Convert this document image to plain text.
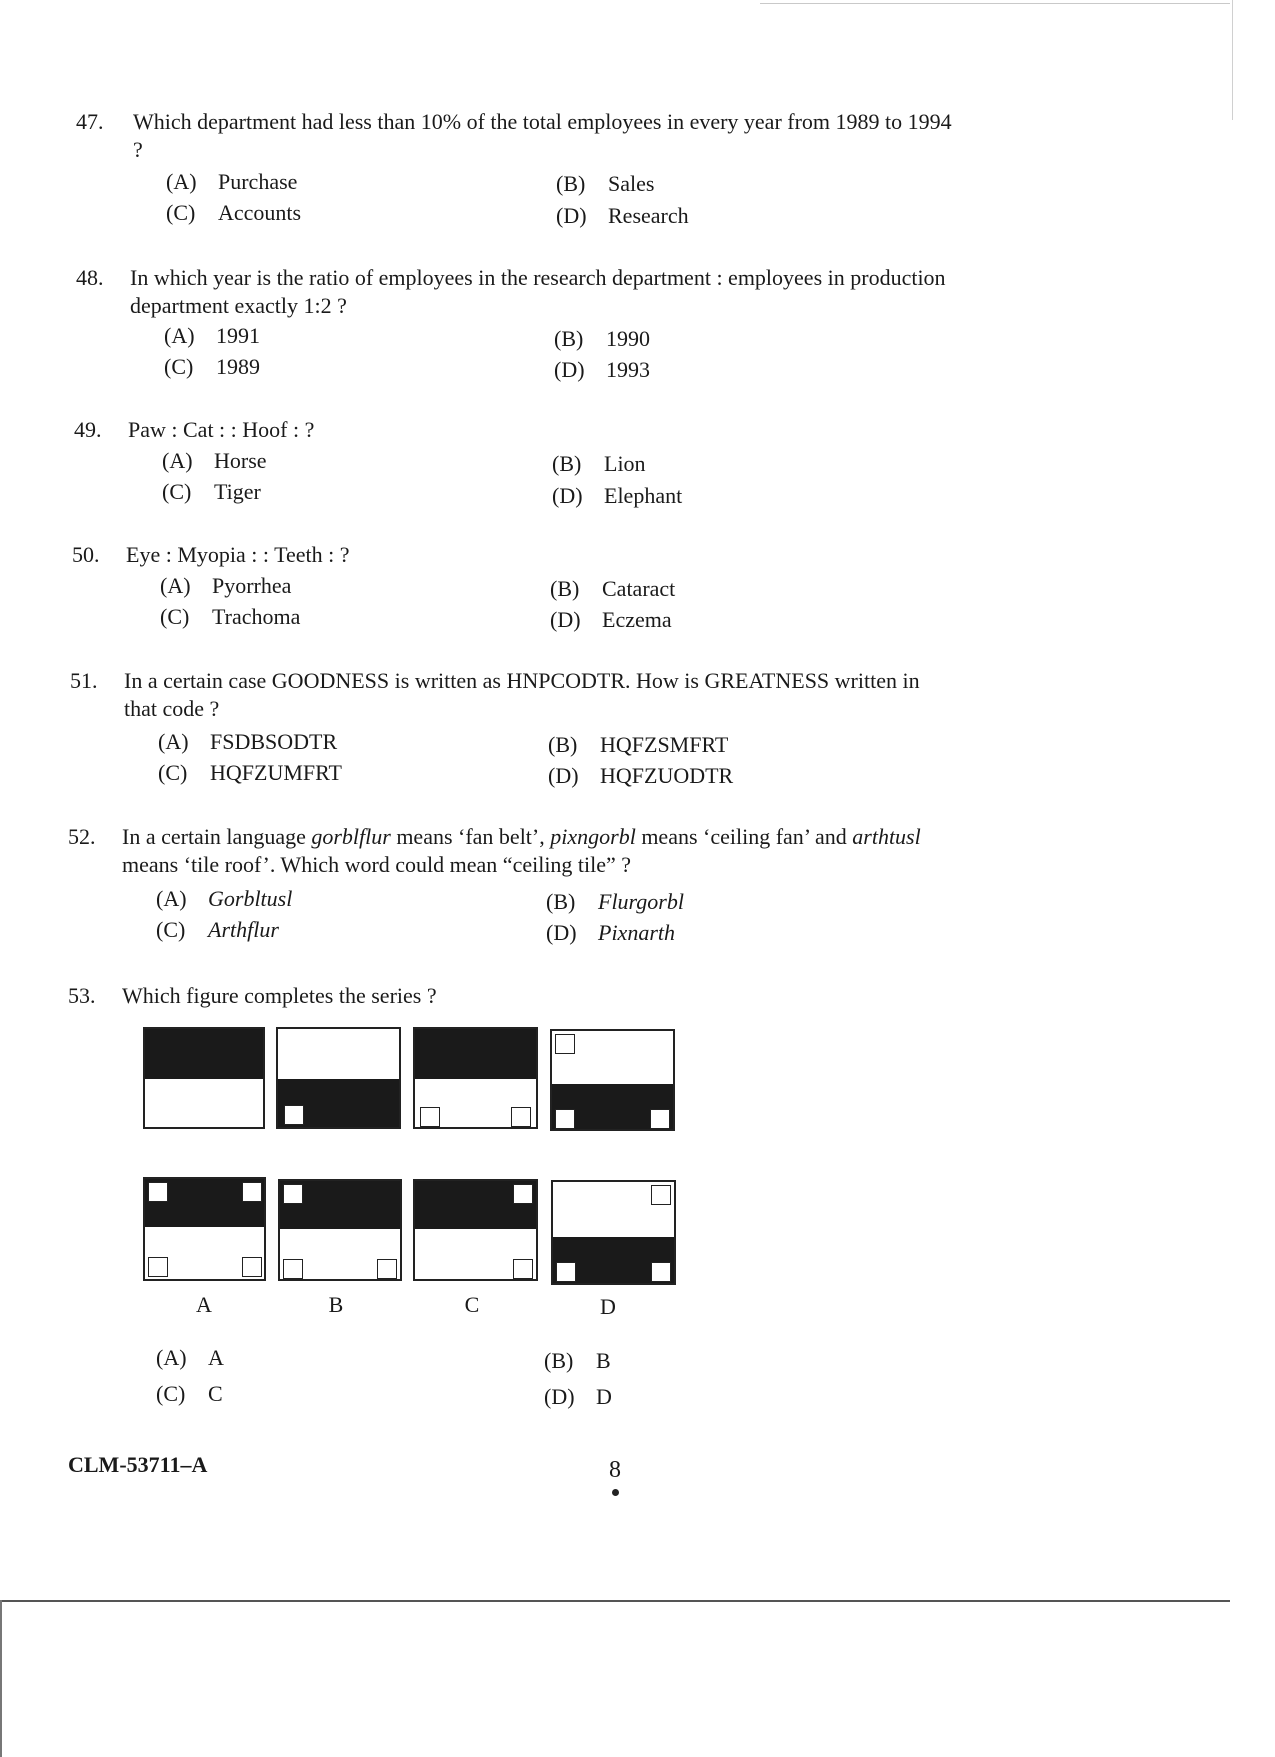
47. Which department had less than 10% of the total employees in every year from 1989 to 1994 ?
(A) Purchase	(B) Sales
(C) Accounts	(D) Research
48. In which year is the ratio of employees in the research department : employees in production department exactly 1:2 ?
(A) 1991	(B) 1990
(C) 1989	(D) 1993
49. Paw : Cat : : Hoof : ?
(A) Horse	(B) Lion
(C) Tiger	(D) Elephant
50. Eye : Myopia : : Teeth : ?
(A) Pyorrhea	(B) Cataract
(C) Trachoma	(D) Eczema
51. In a certain case GOODNESS is written as HNPCODTR. How is GREATNESS written in that code ?
(A) FSDBSODTR	(B) HQFZSMFRT
(C) HQFZUMFRT	(D) HQFZUODTR
52. In a certain language gorblflur means ‘fan belt’, pixngorbl means ‘ceiling fan’ and arthtusl means ‘tile roof’. Which word could mean “ceiling tile” ?
(A) Gorbltusl	(B) Flurgorbl
(C) Arthflur	(D) Pixnarth
53. Which figure completes the series ?
A	B	C	D
(A) A	(B) B
(C) C	(D) D
CLM-53711–A	8
